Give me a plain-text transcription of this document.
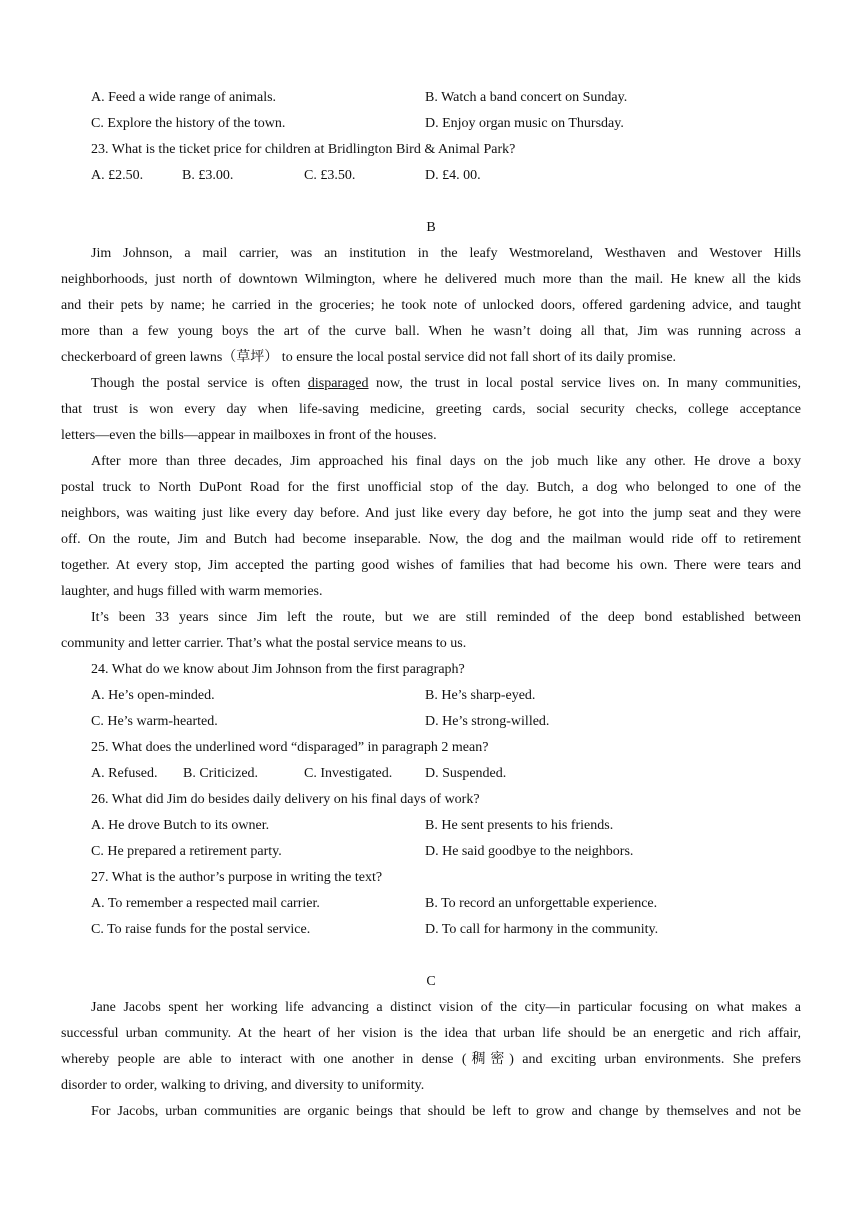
A. Feed a wide range of animals.	B. Watch a band concert on Sunday.
C. Explore the history of the town.	D. Enjoy organ music on Thursday.
23. What is the ticket price for children at Bridlington Bird & Animal Park?
A. £2.50.	B. £3.00.	C. £3.50.	D. £4. 00.
B
Jim Johnson, a mail carrier, was an institution in the leafy Westmoreland, Westhaven and Westover Hills
neighborhoods, just north of downtown Wilmington, where he delivered much more than the mail. He knew all the kids
and their pets by name; he carried in the groceries; he took note of unlocked doors, offered gardening advice, and taught
more than a few young boys the art of the curve ball. When he wasn’t doing all that, Jim was running across a
checkerboard of green lawns（草坪） to ensure the local postal service did not fall short of its daily promise.
Though the postal service is often disparaged now, the trust in local postal service lives on. In many communities,
that trust is won every day when life-saving medicine, greeting cards, social security checks, college acceptance
letters—even the bills—appear in mailboxes in front of the houses.
After more than three decades, Jim approached his final days on the job much like any other. He drove a boxy
postal truck to North DuPont Road for the first unofficial stop of the day. Butch, a dog who belonged to one of the
neighbors, was waiting just like every day before. And just like every day before, he got into the jump seat and they were
off. On the route, Jim and Butch had become inseparable. Now, the dog and the mailman would ride off to retirement
together. At every stop, Jim accepted the parting good wishes of families that had become his own. There were tears and
laughter, and hugs filled with warm memories.
It’s been 33 years since Jim left the route, but we are still reminded of the deep bond established between
community and letter carrier. That’s what the postal service means to us.
24. What do we know about Jim Johnson from the first paragraph?
A. He’s open-minded.	B. He’s sharp-eyed.
C. He’s warm-hearted.	D. He’s strong-willed.
25. What does the underlined word “disparaged” in paragraph 2 mean?
A. Refused. B. Criticized.	C. Investigated. D. Suspended.
26. What did Jim do besides daily delivery on his final days of work?
A. He drove Butch to its owner.	B. He sent presents to his friends.
C. He prepared a retirement party.	D. He said goodbye to the neighbors.
27. What is the author’s purpose in writing the text?
A. To remember a respected mail carrier.	B. To record an unforgettable experience.
C. To raise funds for the postal service.	D. To call for harmony in the community.
C
Jane Jacobs spent her working life advancing a distinct vision of the city—in particular focusing on what makes a
successful urban community. At the heart of her vision is the idea that urban life should be an energetic and rich affair,
whereby people are able to interact with one another in dense (稠密) and exciting urban environments. She prefers
disorder to order, walking to driving, and diversity to uniformity.
For Jacobs, urban communities are organic beings that should be left to grow and change by themselves and not be
